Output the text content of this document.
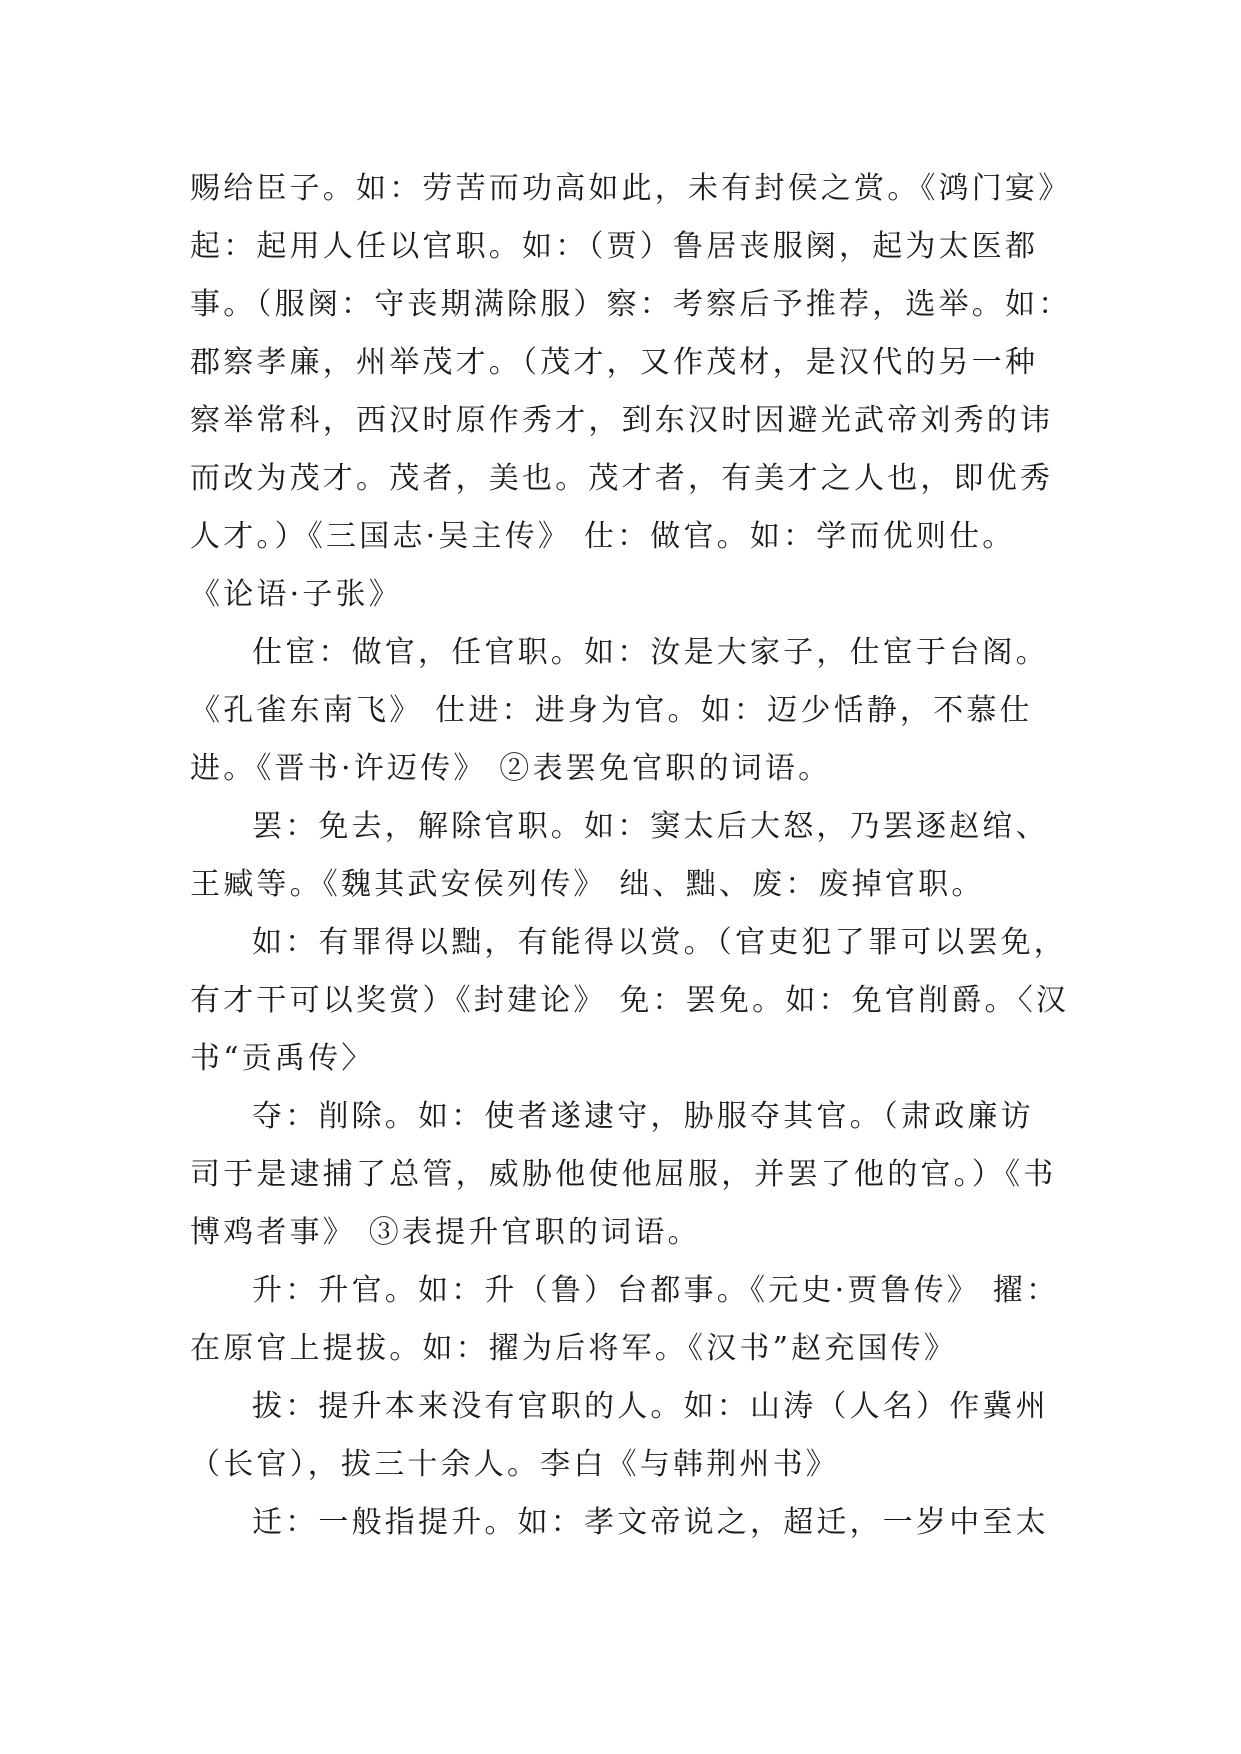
赐给臣子。如：劳苦而功高如此，未有封侯之赏。《鸿门宴》
起：起用人任以官职。如：（贾）鲁居丧服阕，起为太医都
事。（服阕：守丧期满除服）察：考察后予推荐，选举。如：
郡察孝廉，州举茂才。（茂才，又作茂材，是汉代的另一种
察举常科，西汉时原作秀才，到东汉时因避光武帝刘秀的讳
而改为茂才。茂者，美也。茂才者，有美才之人也，即优秀
人才。）《三国志·吴主传》 仕：做官。如：学而优则仕。
《论语·子张》
仕宦：做官，任官职。如：汝是大家子，仕宦于台阁。
《孔雀东南飞》 仕进：进身为官。如：迈少恬静，不慕仕
进。《晋书·许迈传》 ②表罢免官职的词语。
罢：免去，解除官职。如：窦太后大怒，乃罢逐赵绾、
王臧等。《魏其武安侯列传》 绌、黜、废：废掉官职。
如：有罪得以黜，有能得以赏。（官吏犯了罪可以罢免，
有才干可以奖赏）《封建论》 免：罢免。如：免官削爵。〈汉
书“贡禹传〉
夺：削除。如：使者遂逮守，胁服夺其官。（肃政廉访
司于是逮捕了总管，威胁他使他屈服，并罢了他的官。）《书
博鸡者事》 ③表提升官职的词语。
升：升官。如：升（鲁）台都事。《元史·贾鲁传》 擢：
在原官上提拔。如：擢为后将军。《汉书”赵充国传》
拔：提升本来没有官职的人。如：山涛（人名）作冀州
（长官），拔三十余人。李白《与韩荆州书》
迁：一般指提升。如：孝文帝说之，超迁，一岁中至太
